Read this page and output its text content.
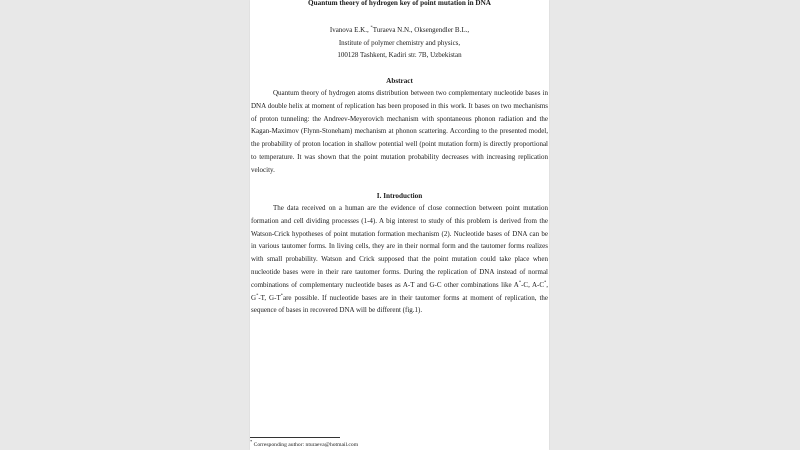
Quantum theory of hydrogen key of point mutation in DNA
Ivanova E.K., *Turaeva N.N., Oksengendler B.L.,
Institute of polymer chemistry and physics,
100128 Tashkent, Kadiri str. 7B, Uzbekistan
Abstract

Quantum theory of hydrogen atoms distribution between two complementary nucleotide bases in DNA double helix at moment of replication has been proposed in this work. It bases on two mechanisms of proton tunneling: the Andreev-Meyerovich mechanism with spontaneous phonon radiation and the Kagan-Maximov (Flynn-Stoneham) mechanism at phonon scattering. According to the presented model, the probability of proton location in shallow potential well (point mutation form) is directly proportional to temperature. It was shown that the point mutation probability decreases with increasing replication velocity.

I. Introduction

The data received on a human are the evidence of close connection between point mutation formation and cell dividing processes (1-4). A big interest to study of this problem is derived from the Watson-Crick hypotheses of point mutation formation mechanism (2). Nucleotide bases of DNA can be in various tautomer forms. In living cells, they are in their normal form and the tautomer forms realizes with small probability. Watson and Crick supposed that the point mutation could take place when nucleotide bases were in their rare tautomer forms. During the replication of DNA instead of normal combinations of complementary nucleotide bases as A-T and G-C other combinations like A*-C, A-C*, G*-T, G-T*are possible. If nucleotide bases are in their tautomer forms at moment of replication, the sequence of bases in recovered DNA will be different (fig.1).

* Corresponding author: nturaeva@hotmail.com
